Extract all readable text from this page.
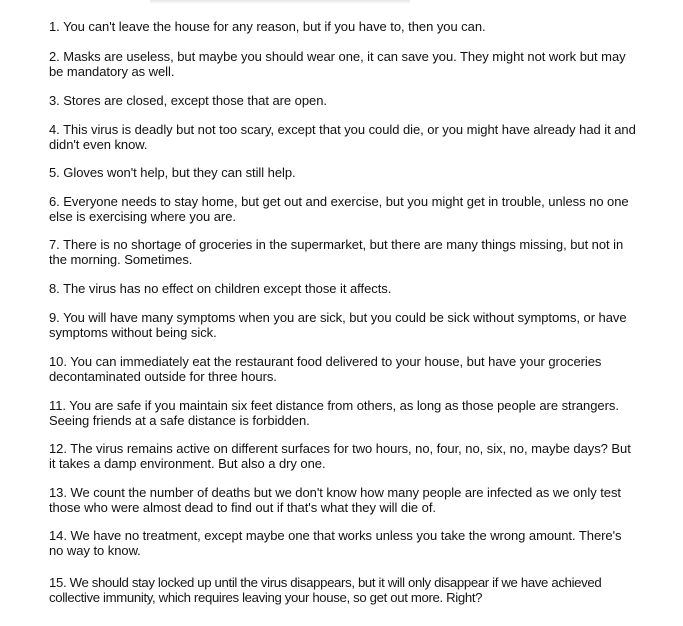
1. You can't leave the house for any reason, but if you have to, then you can.

2. Masks are useless, but maybe you should wear one, it can save you. They might not work but may be mandatory as well.

3. Stores are closed, except those that are open.

4. This virus is deadly but not too scary, except that you could die, or you might have already had it and didn't even know.

5. Gloves won't help, but they can still help.

6. Everyone needs to stay home, but get out and exercise, but you might get in trouble, unless no one else is exercising where you are.

7. There is no shortage of groceries in the supermarket, but there are many things missing, but not in the morning. Sometimes.

8. The virus has no effect on children except those it affects.

9. You will have many symptoms when you are sick, but you could be sick without symptoms, or have symptoms without being sick.

10. You can immediately eat the restaurant food delivered to your house, but have your groceries decontaminated outside for three hours.

11. You are safe if you maintain six feet distance from others, as long as those people are strangers. Seeing friends at a safe distance is forbidden.

12. The virus remains active on different surfaces for two hours, no, four, no, six, no, maybe days? But it takes a damp environment. But also a dry one.

13. We count the number of deaths but we don't know how many people are infected as we only test those who were almost dead to find out if that's what they will die of.

14. We have no treatment, except maybe one that works unless you take the wrong amount. There's no way to know.

15. We should stay locked up until the virus disappears, but it will only disappear if we have achieved collective immunity, which requires leaving your house, so get out more. Right?
